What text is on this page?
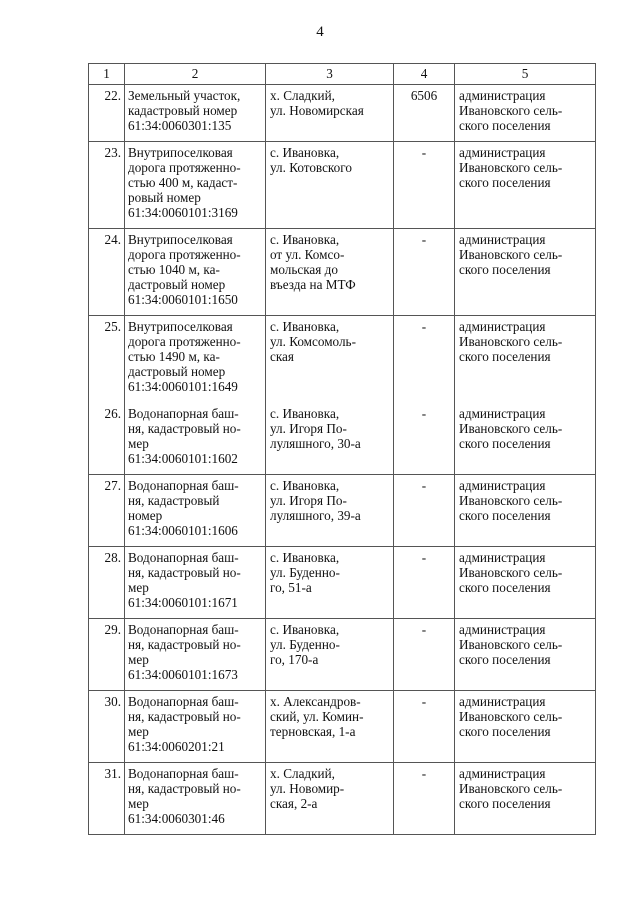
4
1	2	3	4	5
22.	Земельный участок,
кадастровый номер
61:34:0060301:135	х. Сладкий,
ул. Новомирская	6506	администрация
Ивановского сель-
ского поселения
23.	Внутрипоселковая
дорога протяженно-
стью 400 м, кадаст-
ровый номер
61:34:0060101:3169	с. Ивановка,
ул. Котовского	-	администрация
Ивановского сель-
ского поселения
24.	Внутрипоселковая
дорога протяженно-
стью 1040 м, ка-
дастровый номер
61:34:0060101:1650	с. Ивановка,
от ул. Комсо-
мольская до
въезда на МТФ	-	администрация
Ивановского сель-
ского поселения
25.	Внутрипоселковая
дорога протяженно-
стью 1490 м, ка-
дастровый номер
61:34:0060101:1649	с. Ивановка,
ул. Комсомоль-
ская	-	администрация
Ивановского сель-
ского поселения
26.	Водонапорная баш-
ня, кадастровый но-
мер
61:34:0060101:1602	с. Ивановка,
ул. Игоря По-
луляшного, 30-а	-	администрация
Ивановского сель-
ского поселения
27.	Водонапорная баш-
ня, кадастровый
номер
61:34:0060101:1606	с. Ивановка,
ул. Игоря По-
луляшного, 39-а	-	администрация
Ивановского сель-
ского поселения
28.	Водонапорная баш-
ня, кадастровый но-
мер
61:34:0060101:1671	с. Ивановка,
ул. Буденно-
го, 51-а	-	администрация
Ивановского сель-
ского поселения
29.	Водонапорная баш-
ня, кадастровый но-
мер
61:34:0060101:1673	с. Ивановка,
ул. Буденно-
го, 170-а	-	администрация
Ивановского сель-
ского поселения
30.	Водонапорная баш-
ня, кадастровый но-
мер
61:34:0060201:21	х. Александров-
ский, ул. Комин-
терновская, 1-а	-	администрация
Ивановского сель-
ского поселения
31.	Водонапорная баш-
ня, кадастровый но-
мер
61:34:0060301:46	х. Сладкий,
ул. Новомир-
ская, 2-а	-	администрация
Ивановского сель-
ского поселения
